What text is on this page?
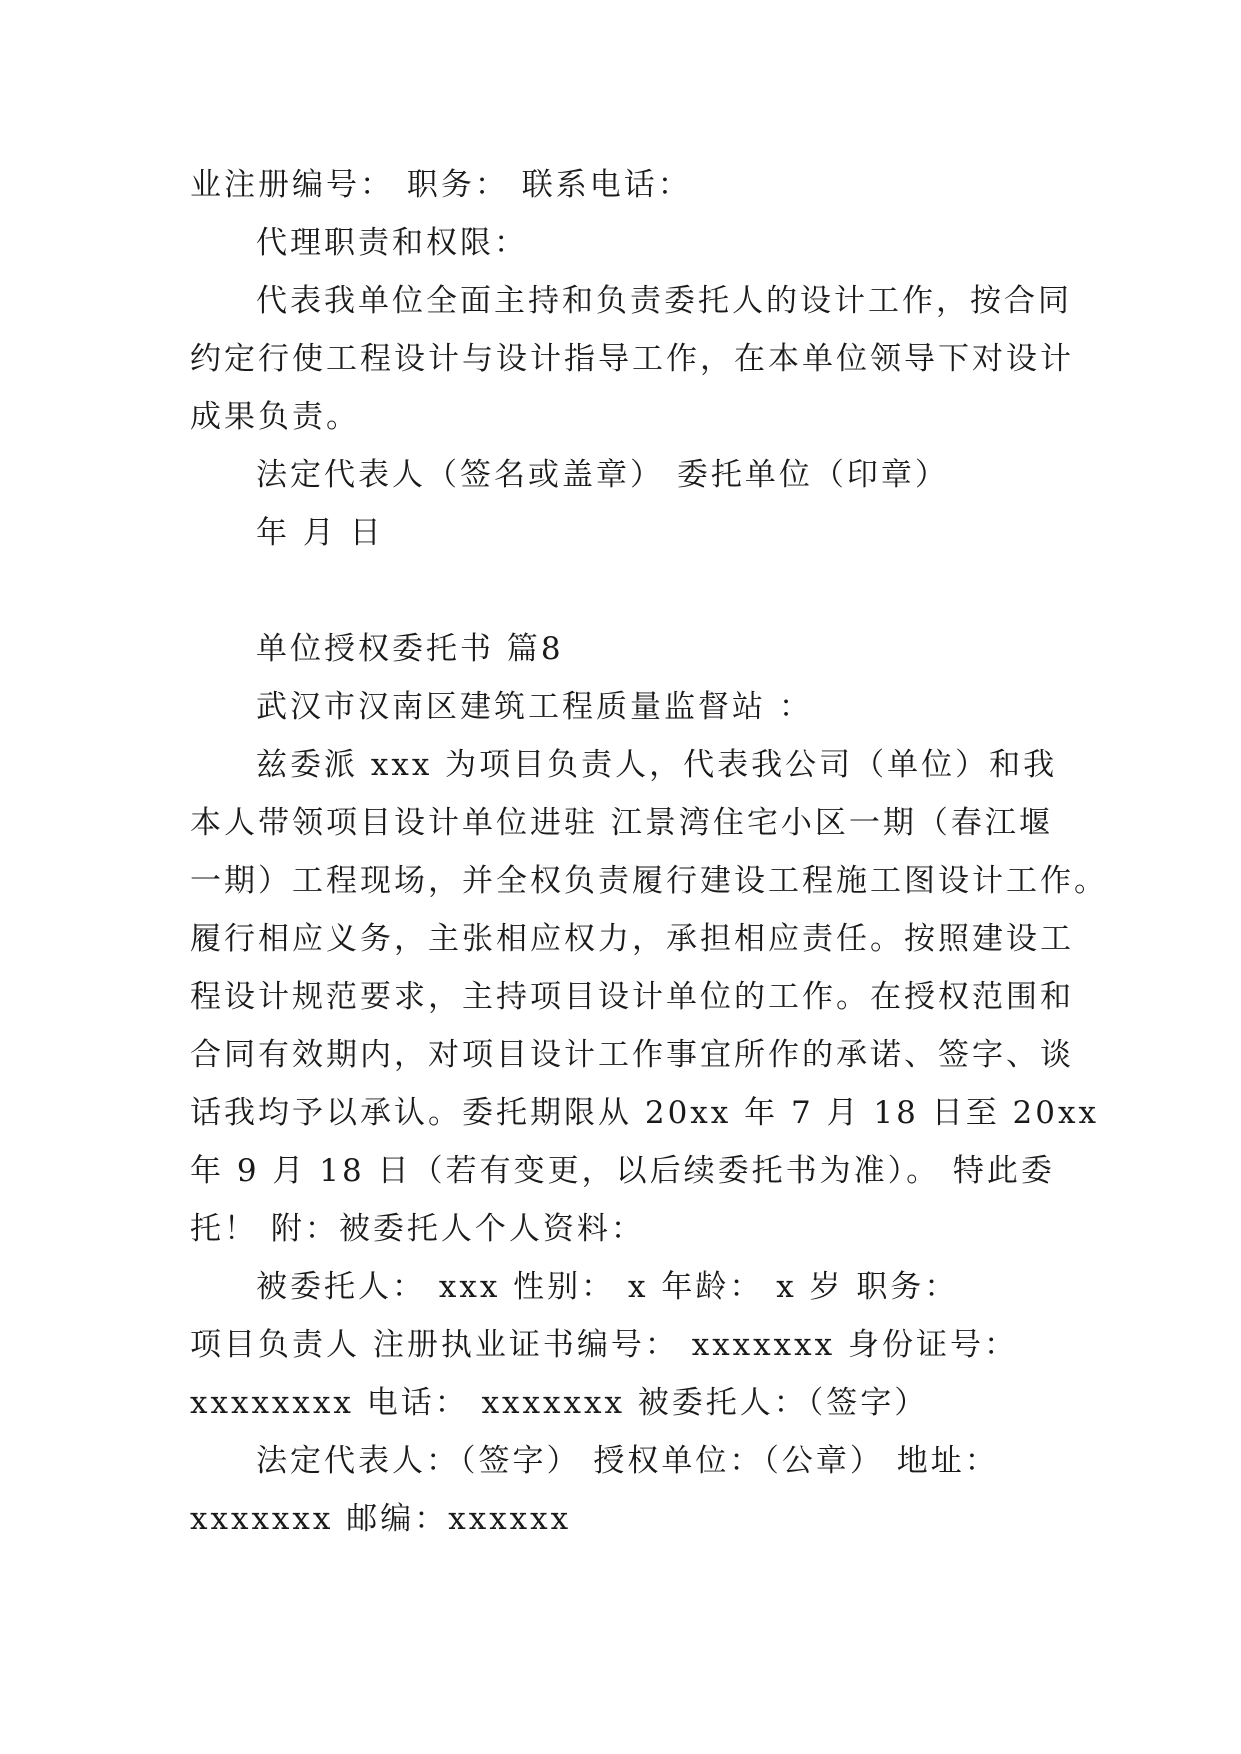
业注册编号： 职务： 联系电话：
代理职责和权限：
代表我单位全面主持和负责委托人的设计工作，按合同
约定行使工程设计与设计指导工作，在本单位领导下对设计
成果负责。
法定代表人（签名或盖章） 委托单位（印章）
年 月 日
单位授权委托书 篇8
武汉市汉南区建筑工程质量监督站 ：
兹委派 xxx 为项目负责人，代表我公司（单位）和我
本人带领项目设计单位进驻 江景湾住宅小区一期（春江堰
一期）工程现场，并全权负责履行建设工程施工图设计工作。
履行相应义务，主张相应权力，承担相应责任。按照建设工
程设计规范要求，主持项目设计单位的工作。在授权范围和
合同有效期内，对项目设计工作事宜所作的承诺、签字、谈
话我均予以承认。委托期限从 20xx 年 7 月 18 日至 20xx
年 9 月 18 日（若有变更，以后续委托书为准）。 特此委
托！ 附：被委托人个人资料：
被委托人： xxx 性别： x 年龄： x 岁 职务：
项目负责人 注册执业证书编号： xxxxxxx 身份证号：
xxxxxxxx 电话： xxxxxxx 被委托人：（签字）
法定代表人：（签字） 授权单位：（公章） 地址：
xxxxxxx 邮编：xxxxxx
